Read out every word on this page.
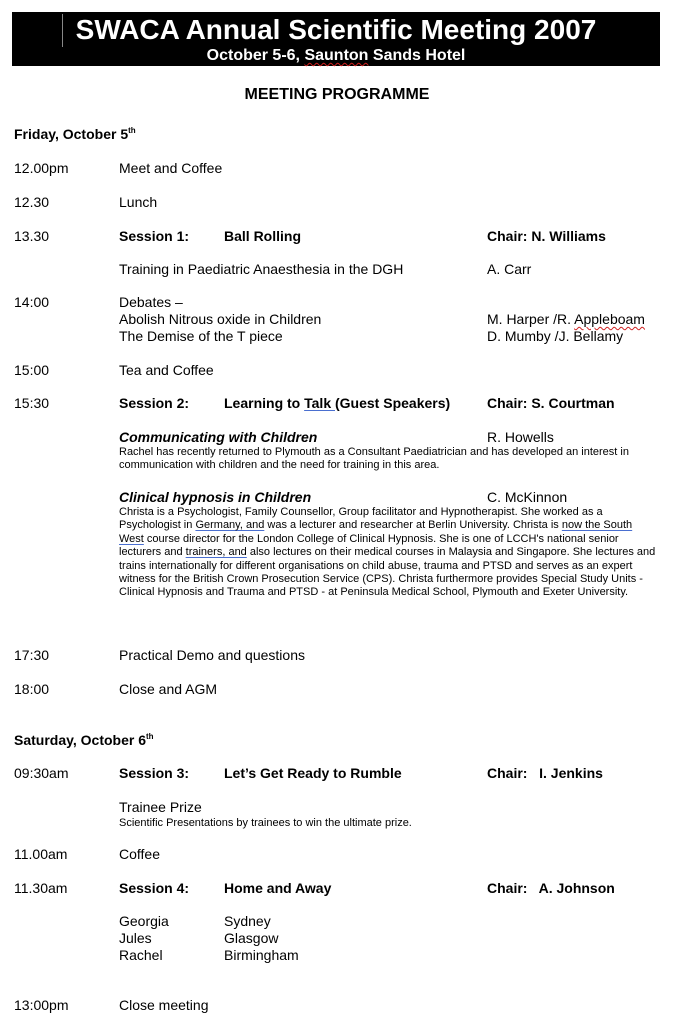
SWACA Annual Scientific Meeting 2007
October 5-6, Saunton Sands Hotel
MEETING PROGRAMME
Friday, October 5th
12.00pm	Meet and Coffee
12.30	Lunch
13.30	Session 1: Ball Rolling	Chair: N. Williams
Training in Paediatric Anaesthesia in the DGH	A. Carr
14:00	Debates –
Abolish Nitrous oxide in Children	M. Harper /R. Appleboam
The Demise of the T piece	D. Mumby /J. Bellamy
15:00	Tea and Coffee
15:30	Session 2: Learning to Talk (Guest Speakers)	Chair: S. Courtman
Communicating with Children	R. Howells
Rachel has recently returned to Plymouth as a Consultant Paediatrician and has developed an interest in communication with children and the need for training in this area.
Clinical hypnosis in Children	C. McKinnon
Christa is a Psychologist, Family Counsellor, Group facilitator and Hypnotherapist. She worked as a Psychologist in Germany, and was a lecturer and researcher at Berlin University. Christa is now the South West course director for the London College of Clinical Hypnosis. She is one of LCCH's national senior lecturers and trainers, and also lectures on their medical courses in Malaysia and Singapore. She lectures and trains internationally for different organisations on child abuse, trauma and PTSD and serves as an expert witness for the British Crown Prosecution Service (CPS). Christa furthermore provides Special Study Units - Clinical Hypnosis and Trauma and PTSD - at Peninsula Medical School, Plymouth and Exeter University.
17:30	Practical Demo and questions
18:00	Close and AGM
Saturday, October 6th
09:30am	Session 3: Let’s Get Ready to Rumble	Chair:   I. Jenkins
Trainee Prize
Scientific Presentations by trainees to win the ultimate prize.
11.00am	Coffee
11.30am	Session 4: Home and Away	Chair:   A. Johnson
Georgia	Sydney
Jules	Glasgow
Rachel	Birmingham
13:00pm	Close meeting
